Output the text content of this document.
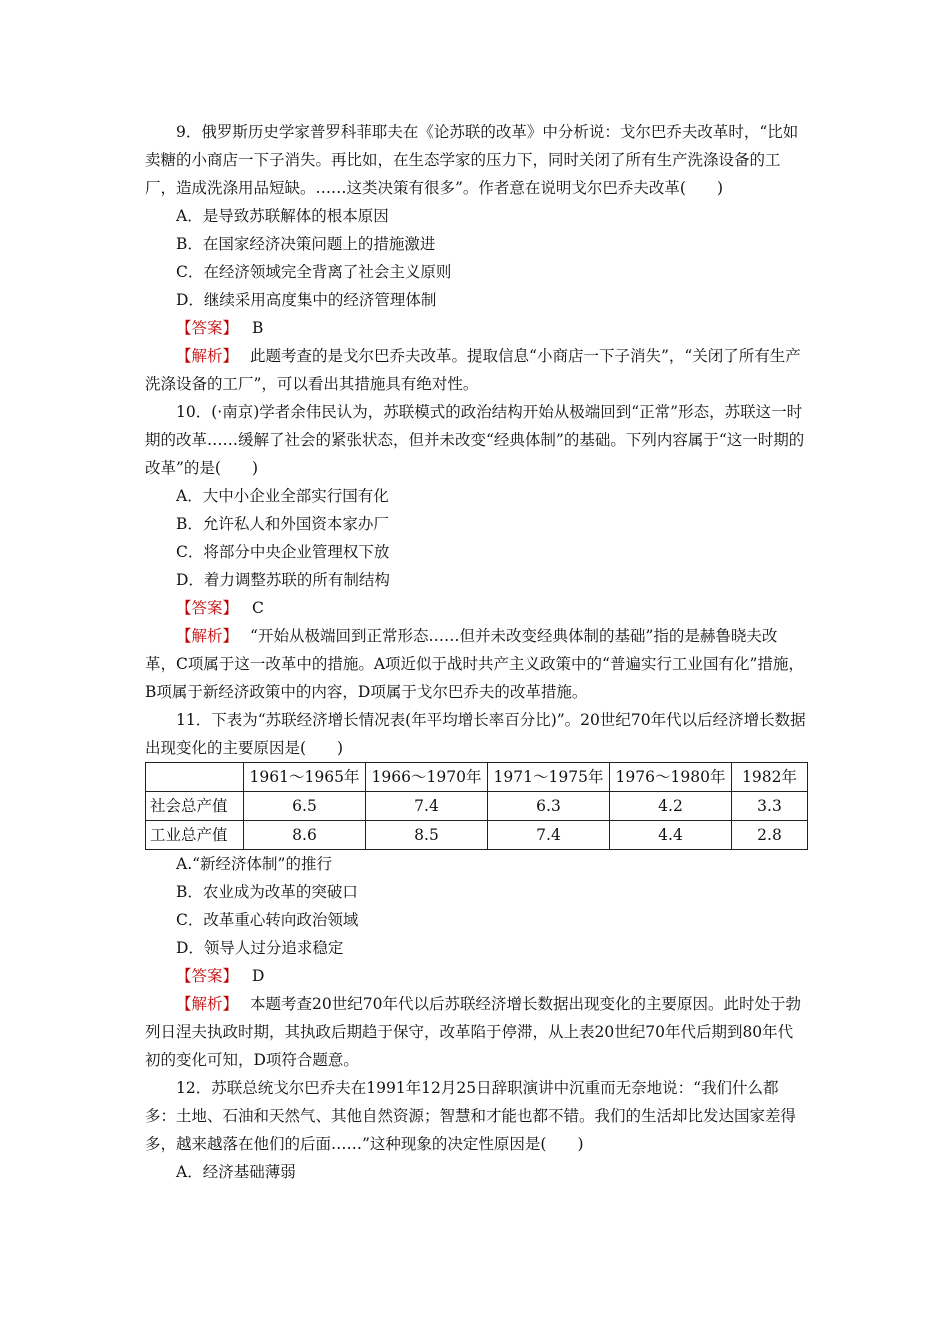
9．俄罗斯历史学家普罗科菲耶夫在《论苏联的改革》中分析说：戈尔巴乔夫改革时，“比如卖糖的小商店一下子消失。再比如，在生态学家的压力下，同时关闭了所有生产洗涤设备的工厂，造成洗涤用品短缺。……这类决策有很多”。作者意在说明戈尔巴乔夫改革(　　)

A．是导致苏联解体的根本原因

B．在国家经济决策问题上的措施激进

C．在经济领域完全背离了社会主义原则

D．继续采用高度集中的经济管理体制

【答案】 B

【解析】 此题考查的是戈尔巴乔夫改革。提取信息“小商店一下子消失”，“关闭了所有生产洗涤设备的工厂”，可以看出其措施具有绝对性。

10．(·南京)学者余伟民认为，苏联模式的政治结构开始从极端回到“正常”形态，苏联这一时期的改革……缓解了社会的紧张状态，但并未改变“经典体制”的基础。下列内容属于“这一时期的改革”的是(　　)

A．大中小企业全部实行国有化

B．允许私人和外国资本家办厂

C．将部分中央企业管理权下放

D．着力调整苏联的所有制结构

【答案】 C

【解析】 “开始从极端回到正常形态……但并未改变经典体制的基础”指的是赫鲁晓夫改革，C项属于这一改革中的措施。A项近似于战时共产主义政策中的“普遍实行工业国有化”措施，B项属于新经济政策中的内容，D项属于戈尔巴乔夫的改革措施。

11．下表为“苏联经济增长情况表(年平均增长率百分比)”。20世纪70年代以后经济增长数据出现变化的主要原因是(　　)

	1961～1965年	1966～1970年	1971～1975年	1976～1980年	1982年
社会总产值	6.5	7.4	6.3	4.2	3.3
工业总产值	8.6	8.5	7.4	4.4	2.8

A.“新经济体制”的推行

B．农业成为改革的突破口

C．改革重心转向政治领域

D．领导人过分追求稳定

【答案】 D

【解析】 本题考查20世纪70年代以后苏联经济增长数据出现变化的主要原因。此时处于勃列日涅夫执政时期，其执政后期趋于保守，改革陷于停滞，从上表20世纪70年代后期到80年代初的变化可知，D项符合题意。

12．苏联总统戈尔巴乔夫在1991年12月25日辞职演讲中沉重而无奈地说：“我们什么都多：土地、石油和天然气、其他自然资源；智慧和才能也都不错。我们的生活却比发达国家差得多，越来越落在他们的后面……”这种现象的决定性原因是(　　)

A．经济基础薄弱
